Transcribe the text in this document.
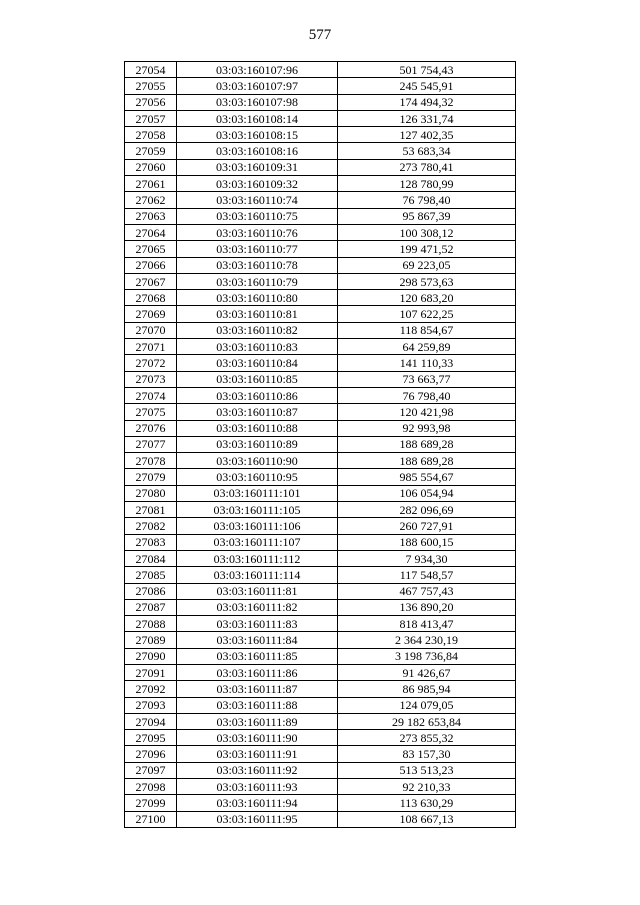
577
27054	03:03:160107:96	501 754,43
27055	03:03:160107:97	245 545,91
27056	03:03:160107:98	174 494,32
27057	03:03:160108:14	126 331,74
27058	03:03:160108:15	127 402,35
27059	03:03:160108:16	53 683,34
27060	03:03:160109:31	273 780,41
27061	03:03:160109:32	128 780,99
27062	03:03:160110:74	76 798,40
27063	03:03:160110:75	95 867,39
27064	03:03:160110:76	100 308,12
27065	03:03:160110:77	199 471,52
27066	03:03:160110:78	69 223,05
27067	03:03:160110:79	298 573,63
27068	03:03:160110:80	120 683,20
27069	03:03:160110:81	107 622,25
27070	03:03:160110:82	118 854,67
27071	03:03:160110:83	64 259,89
27072	03:03:160110:84	141 110,33
27073	03:03:160110:85	73 663,77
27074	03:03:160110:86	76 798,40
27075	03:03:160110:87	120 421,98
27076	03:03:160110:88	92 993,98
27077	03:03:160110:89	188 689,28
27078	03:03:160110:90	188 689,28
27079	03:03:160110:95	985 554,67
27080	03:03:160111:101	106 054,94
27081	03:03:160111:105	282 096,69
27082	03:03:160111:106	260 727,91
27083	03:03:160111:107	188 600,15
27084	03:03:160111:112	7 934,30
27085	03:03:160111:114	117 548,57
27086	03:03:160111:81	467 757,43
27087	03:03:160111:82	136 890,20
27088	03:03:160111:83	818 413,47
27089	03:03:160111:84	2 364 230,19
27090	03:03:160111:85	3 198 736,84
27091	03:03:160111:86	91 426,67
27092	03:03:160111:87	86 985,94
27093	03:03:160111:88	124 079,05
27094	03:03:160111:89	29 182 653,84
27095	03:03:160111:90	273 855,32
27096	03:03:160111:91	83 157,30
27097	03:03:160111:92	513 513,23
27098	03:03:160111:93	92 210,33
27099	03:03:160111:94	113 630,29
27100	03:03:160111:95	108 667,13
